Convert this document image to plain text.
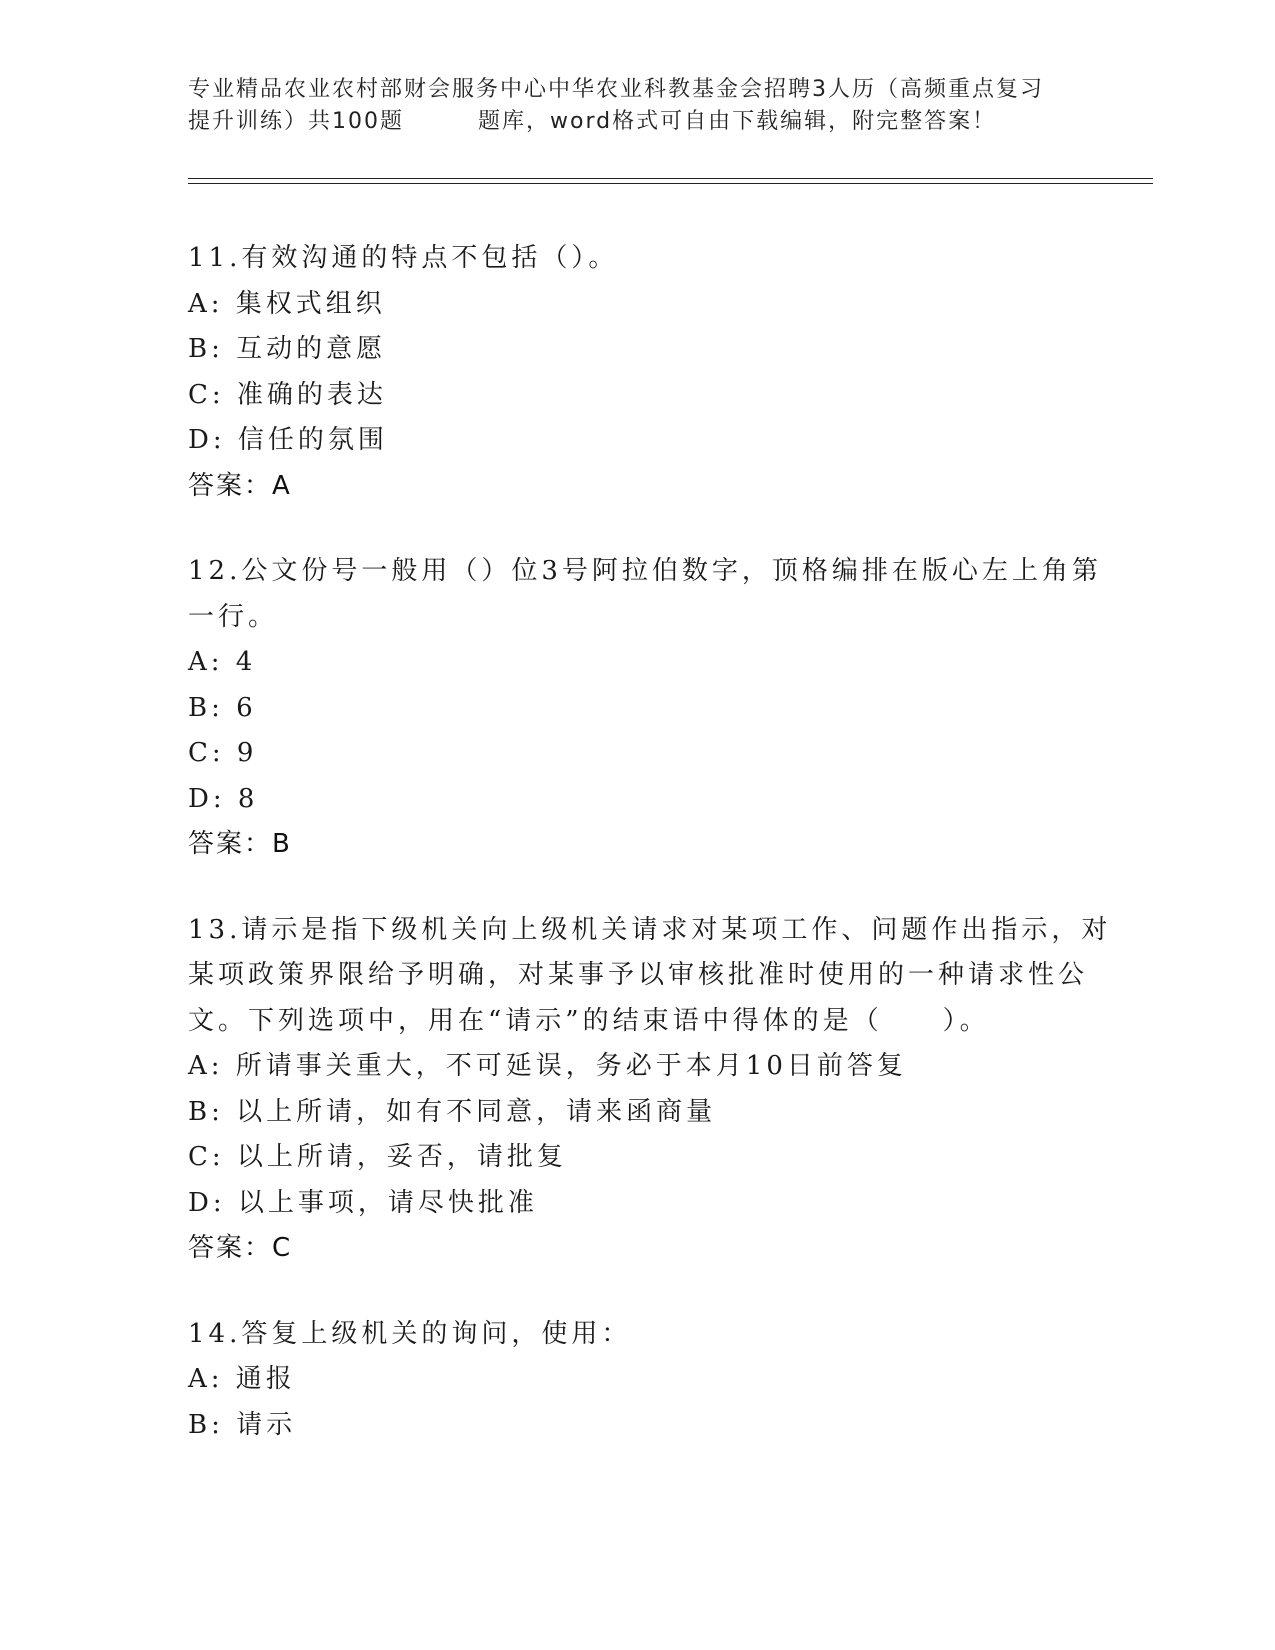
专业精品农业农村部财会服务中心中华农业科教基金会招聘3人历（高频重点复习
提升训练）共100题	题库，word格式可自由下载编辑，附完整答案！
11.有效沟通的特点不包括（）。
A: 集权式组织
B: 互动的意愿
C: 准确的表达
D: 信任的氛围
答案：A
12.公文份号一般用（）位3号阿拉伯数字，顶格编排在版心左上角第
一行。
A: 4
B: 6
C: 9
D: 8
答案：B
13.请示是指下级机关向上级机关请求对某项工作、问题作出指示，对
某项政策界限给予明确，对某事予以审核批准时使用的一种请求性公
文。下列选项中，用在“请示”的结束语中得体的是（　　）。
A: 所请事关重大，不可延误，务必于本月10日前答复
B: 以上所请，如有不同意，请来函商量
C: 以上所请，妥否，请批复
D: 以上事项，请尽快批准
答案：C
14.答复上级机关的询问，使用：
A: 通报
B: 请示
